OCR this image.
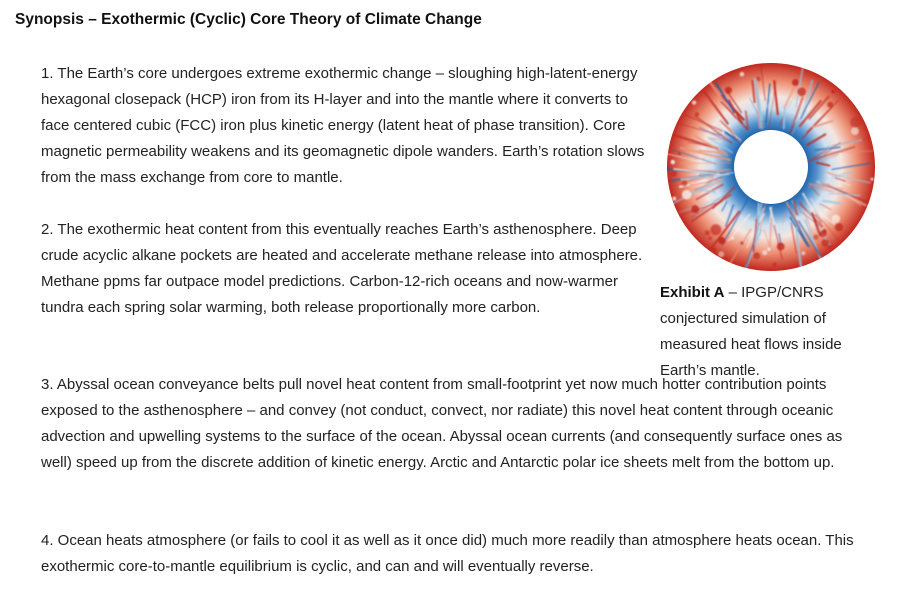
Synopsis – Exothermic (Cyclic) Core Theory of Climate Change

1. The Earth’s core undergoes extreme exothermic change – sloughing high-latent-energy hexagonal closepack (HCP) iron from its H-layer and into the mantle where it converts to face centered cubic (FCC) iron plus kinetic energy (latent heat of phase transition). Core magnetic permeability weakens and its geomagnetic dipole wanders. Earth’s rotation slows from the mass exchange from core to mantle.

2. The exothermic heat content from this eventually reaches Earth’s asthenosphere. Deep crude acyclic alkane pockets are heated and accelerate methane release into atmosphere. Methane ppms far outpace model predictions. Carbon-12-rich oceans and now-warmer tundra each spring solar warming, both release proportionally more carbon.

3. Abyssal ocean conveyance belts pull novel heat content from small-footprint yet now much hotter contribution points exposed to the asthenosphere – and convey (not conduct, convect, nor radiate) this novel heat content through oceanic advection and upwelling systems to the surface of the ocean. Abyssal ocean currents (and consequently surface ones as well) speed up from the discrete addition of kinetic energy. Arctic and Antarctic polar ice sheets melt from the bottom up.

4. Ocean heats atmosphere (or fails to cool it as well as it once did) much more readily than atmosphere heats ocean. This exothermic core-to-mantle equilibrium is cyclic, and can and will eventually reverse.

Exhibit A – IPGP/CNRS conjectured simulation of measured heat flows inside Earth’s mantle.
